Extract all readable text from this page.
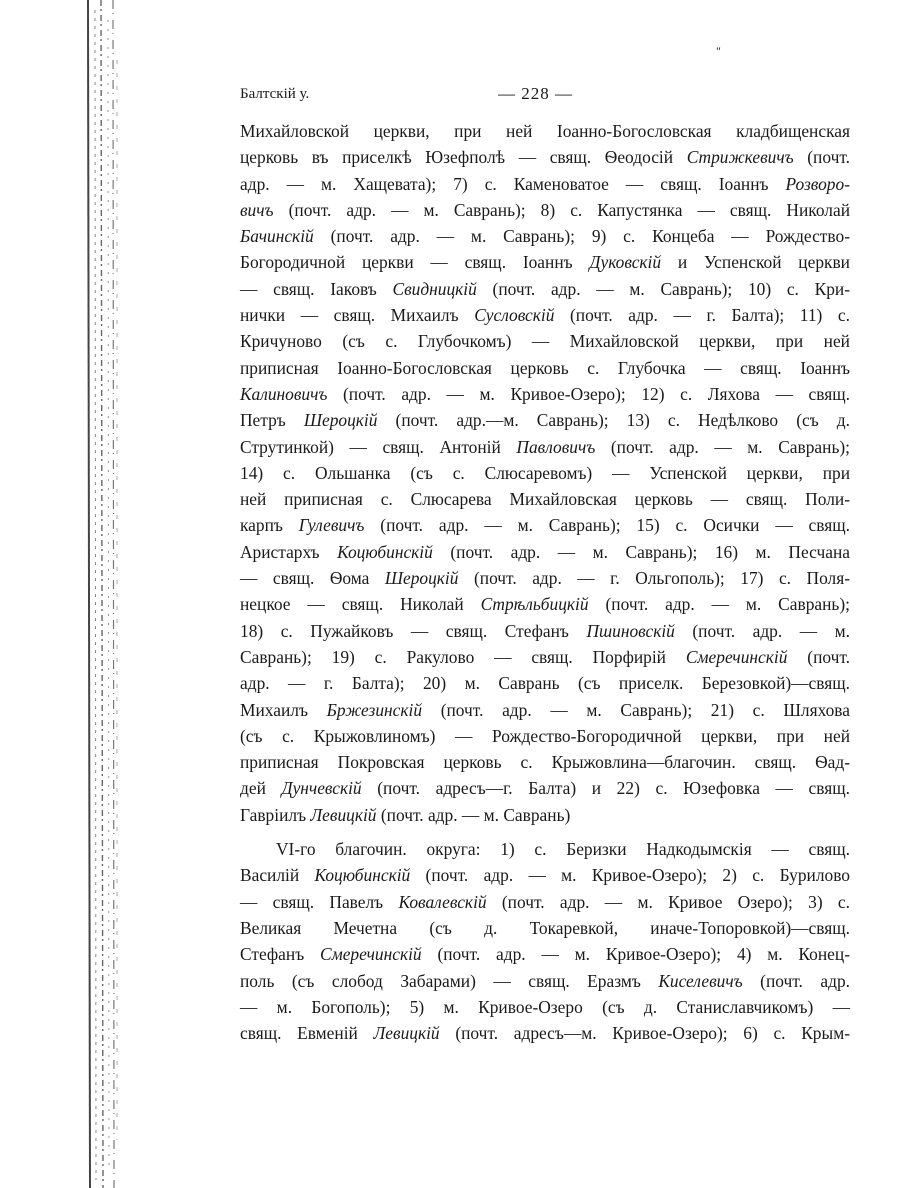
"
Балтскій у.	— 228 —

Михайловской церкви, при ней Іоанно-Богословская кладбищенская
церковь въ приселкѣ Юзефполѣ — свящ. Ѳеодосій Стрижкевичъ (почт.
адр. — м. Хащевата); 7) с. Каменоватое — свящ. Іоаннъ Розворо-
вичъ (почт. адр. — м. Саврань); 8) с. Капустянка — свящ. Николай
Бачинскій (почт. адр. — м. Саврань); 9) с. Концеба — Рождество-
Богородичной церкви — свящ. Іоаннъ Дуковскій и Успенской церкви
— свящ. Іаковъ Свидницкій (почт. адр. — м. Саврань); 10) с. Кри-
нички — свящ. Михаилъ Сусловскій (почт. адр. — г. Балта); 11) с.
Кричуново (съ с. Глубочкомъ) — Михайловской церкви, при ней
приписная Іоанно-Богословская церковь с. Глубочка — свящ. Іоаннъ
Калиновичъ (почт. адр. — м. Кривое-Озеро); 12) с. Ляхова — свящ.
Петръ Шероцкій (почт. адр.—м. Саврань); 13) с. Недѣлково (съ д.
Струтинкой) — свящ. Антоній Павловичъ (почт. адр. — м. Саврань);
14) с. Ольшанка (съ с. Слюсаревомъ) — Успенской церкви, при
ней приписная с. Слюсарева Михайловская церковь — свящ. Поли-
карпъ Гулевичъ (почт. адр. — м. Саврань); 15) с. Осички — свящ.
Аристархъ Коцюбинскій (почт. адр. — м. Саврань); 16) м. Песчана
— свящ. Ѳома Шероцкій (почт. адр. — г. Ольгополь); 17) с. Поля-
нецкое — свящ. Николай Стрѣльбицкій (почт. адр. — м. Саврань);
18) с. Пужайковъ — свящ. Стефанъ Пшиновскій (почт. адр. — м.
Саврань); 19) с. Ракулово — свящ. Порфирій Смеречинскій (почт.
адр. — г. Балта); 20) м. Саврань (съ приселк. Березовкой)—свящ.
Михаилъ Бржезинскій (почт. адр. — м. Саврань); 21) с. Шляхова
(съ с. Крыжовлиномъ) — Рождество-Богородичной церкви, при ней
приписная Покровская церковь с. Крыжовлина—благочин. свящ. Ѳад-
дей Дунчевскій (почт. адресъ—г. Балта) и 22) с. Юзефовка — свящ.
Гавріилъ Левицкій (почт. адр. — м. Саврань)

VI-го благочин. округа: 1) с. Беризки Надкодымскія — свящ.
Василій Коцюбинскій (почт. адр. — м. Кривое-Озеро); 2) с. Бурилово
— свящ. Павелъ Ковалевскій (почт. адр. — м. Кривое Озеро); 3) с.
Великая Мечетна (съ д. Токаревкой, иначе-Топоровкой)—свящ.
Стефанъ Смеречинскій (почт. адр. — м. Кривое-Озеро); 4) м. Конец-
поль (съ слобод Забарами) — свящ. Еразмъ Киселевичъ (почт. адр.
— м. Богополь); 5) м. Кривое-Озеро (съ д. Станиславчикомъ) —
свящ. Евменій Левицкій (почт. адресъ—м. Кривое-Озеро); 6) с. Крым-
